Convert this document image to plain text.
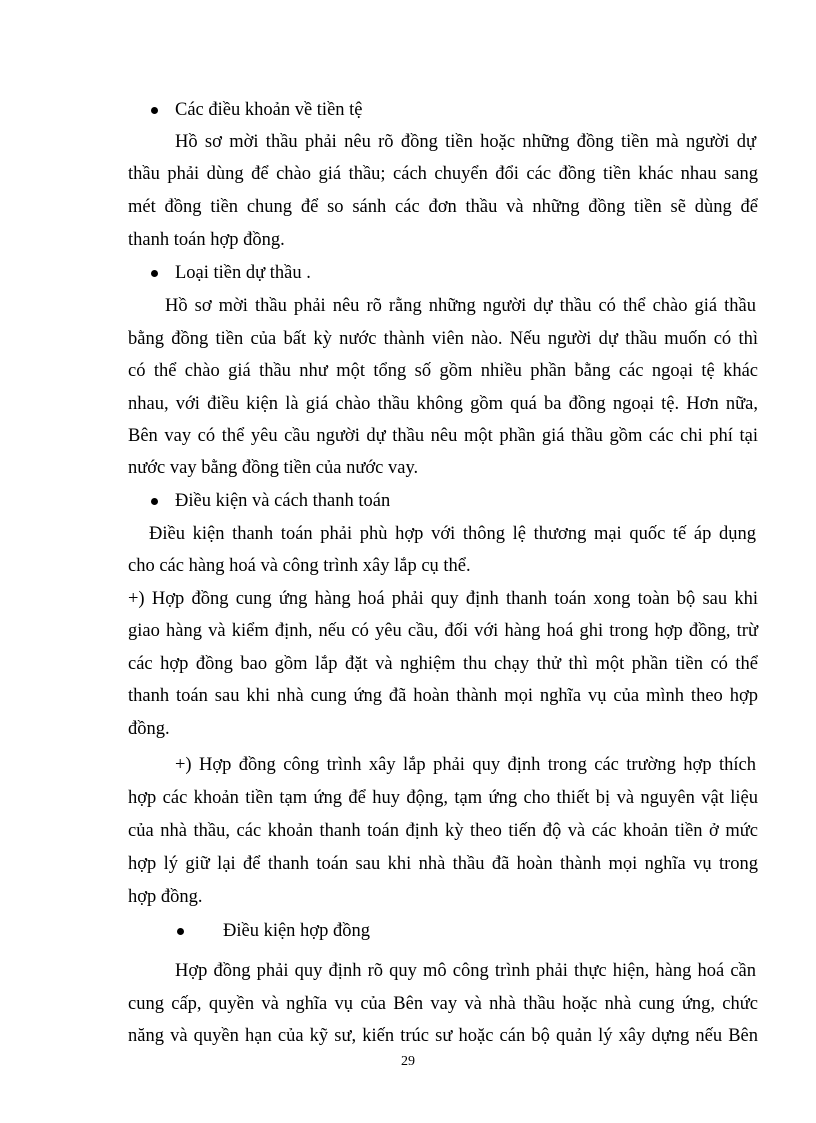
Các điều khoản về tiền tệ
Hồ sơ mời thầu phải nêu rõ đồng tiền hoặc những đồng tiền mà người dự
thầu phải dùng để chào giá thầu; cách chuyển đổi các đồng tiền khác nhau sang
mét đồng tiền chung để so sánh các đơn thầu và những đồng tiền sẽ dùng để
thanh toán hợp đồng.
Loại tiền dự thầu .
Hồ sơ mời thầu phải nêu rõ rằng những người dự thầu có thể chào giá thầu
bằng đồng tiền của bất kỳ nước thành viên nào. Nếu người dự thầu muốn có thì
có thể chào giá thầu như một tổng số gồm nhiều phần bằng các ngoại tệ khác
nhau, với điều kiện là giá chào thầu không gồm quá ba đồng ngoại tệ. Hơn nữa,
Bên vay có thể yêu cầu người dự thầu nêu một phần giá thầu gồm các chi phí tại
nước vay bằng đồng tiền của nước vay.
Điều kiện và cách thanh toán
Điều kiện thanh toán phải phù hợp với thông lệ thương mại quốc tế áp dụng
cho các hàng hoá và công trình xây lắp cụ thể.
+) Hợp đồng cung ứng hàng hoá phải quy định thanh toán xong toàn bộ sau khi
giao hàng và kiểm định, nếu có yêu cầu, đối với hàng hoá ghi trong hợp đồng, trừ
các hợp đồng bao gồm lắp đặt và nghiệm thu chạy thử thì một phần tiền có thể
thanh toán sau khi nhà cung ứng đã hoàn thành mọi nghĩa vụ của mình theo hợp
đồng.
+) Hợp đồng công trình xây lắp phải quy định trong các trường hợp thích
hợp các khoản tiền tạm ứng để huy động, tạm ứng cho thiết bị và nguyên vật liệu
của nhà thầu, các khoản thanh toán định kỳ theo tiến độ và các khoản tiền ở mức
hợp lý giữ lại để thanh toán sau khi nhà thầu đã hoàn thành mọi nghĩa vụ trong
hợp đồng.
Điều kiện hợp đồng
Hợp đồng phải quy định rõ quy mô công trình phải thực hiện, hàng hoá cần
cung cấp, quyền và nghĩa vụ của Bên vay và nhà thầu hoặc nhà cung ứng, chức
năng và quyền hạn của kỹ sư, kiến trúc sư hoặc cán bộ quản lý xây dựng nếu Bên
29
